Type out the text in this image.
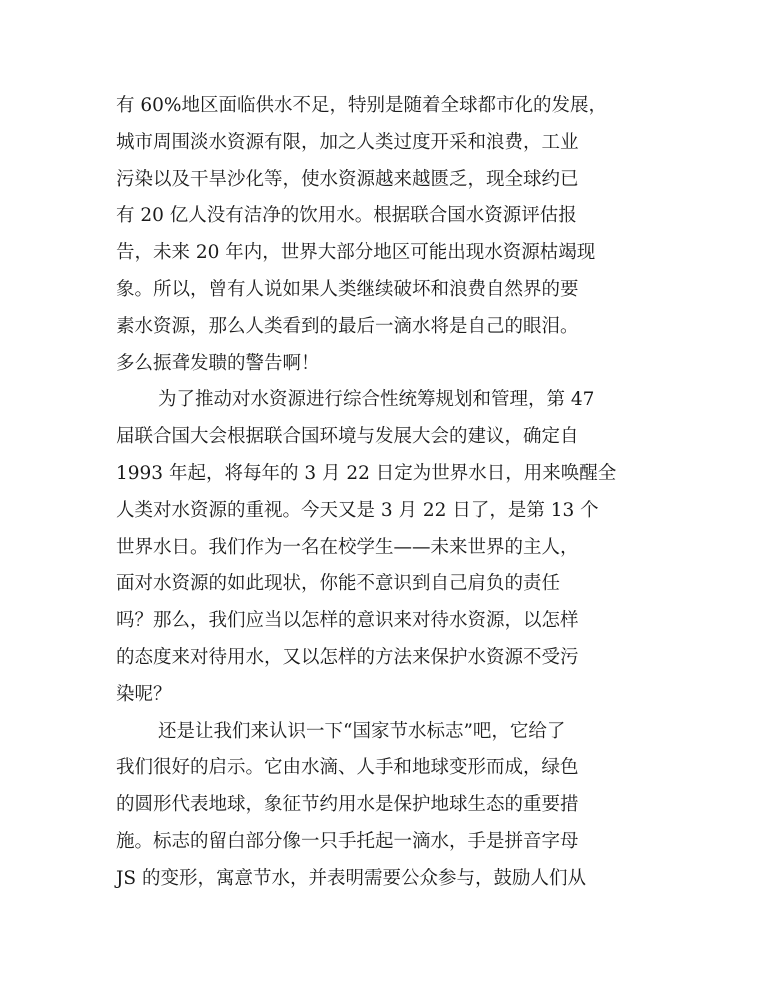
有 60%地区面临供水不足，特别是随着全球都市化的发展，
城市周围淡水资源有限，加之人类过度开采和浪费，工业
污染以及干旱沙化等，使水资源越来越匮乏，现全球约已
有 20 亿人没有洁净的饮用水。根据联合国水资源评估报
告，未来 20 年内，世界大部分地区可能出现水资源枯竭现
象。所以，曾有人说如果人类继续破坏和浪费自然界的要
素水资源，那么人类看到的最后一滴水将是自己的眼泪。
多么振聋发聩的警告啊！
为了推动对水资源进行综合性统筹规划和管理，第 47
届联合国大会根据联合国环境与发展大会的建议，确定自
1993 年起，将每年的 3 月 22 日定为世界水日，用来唤醒全
人类对水资源的重视。今天又是 3 月 22 日了，是第 13 个
世界水日。我们作为一名在校学生——未来世界的主人，
面对水资源的如此现状，你能不意识到自己肩负的责任
吗？那么，我们应当以怎样的意识来对待水资源，以怎样
的态度来对待用水，又以怎样的方法来保护水资源不受污
染呢？
还是让我们来认识一下“国家节水标志”吧，它给了
我们很好的启示。它由水滴、人手和地球变形而成，绿色
的圆形代表地球，象征节约用水是保护地球生态的重要措
施。标志的留白部分像一只手托起一滴水，手是拼音字母
JS 的变形，寓意节水，并表明需要公众参与，鼓励人们从
